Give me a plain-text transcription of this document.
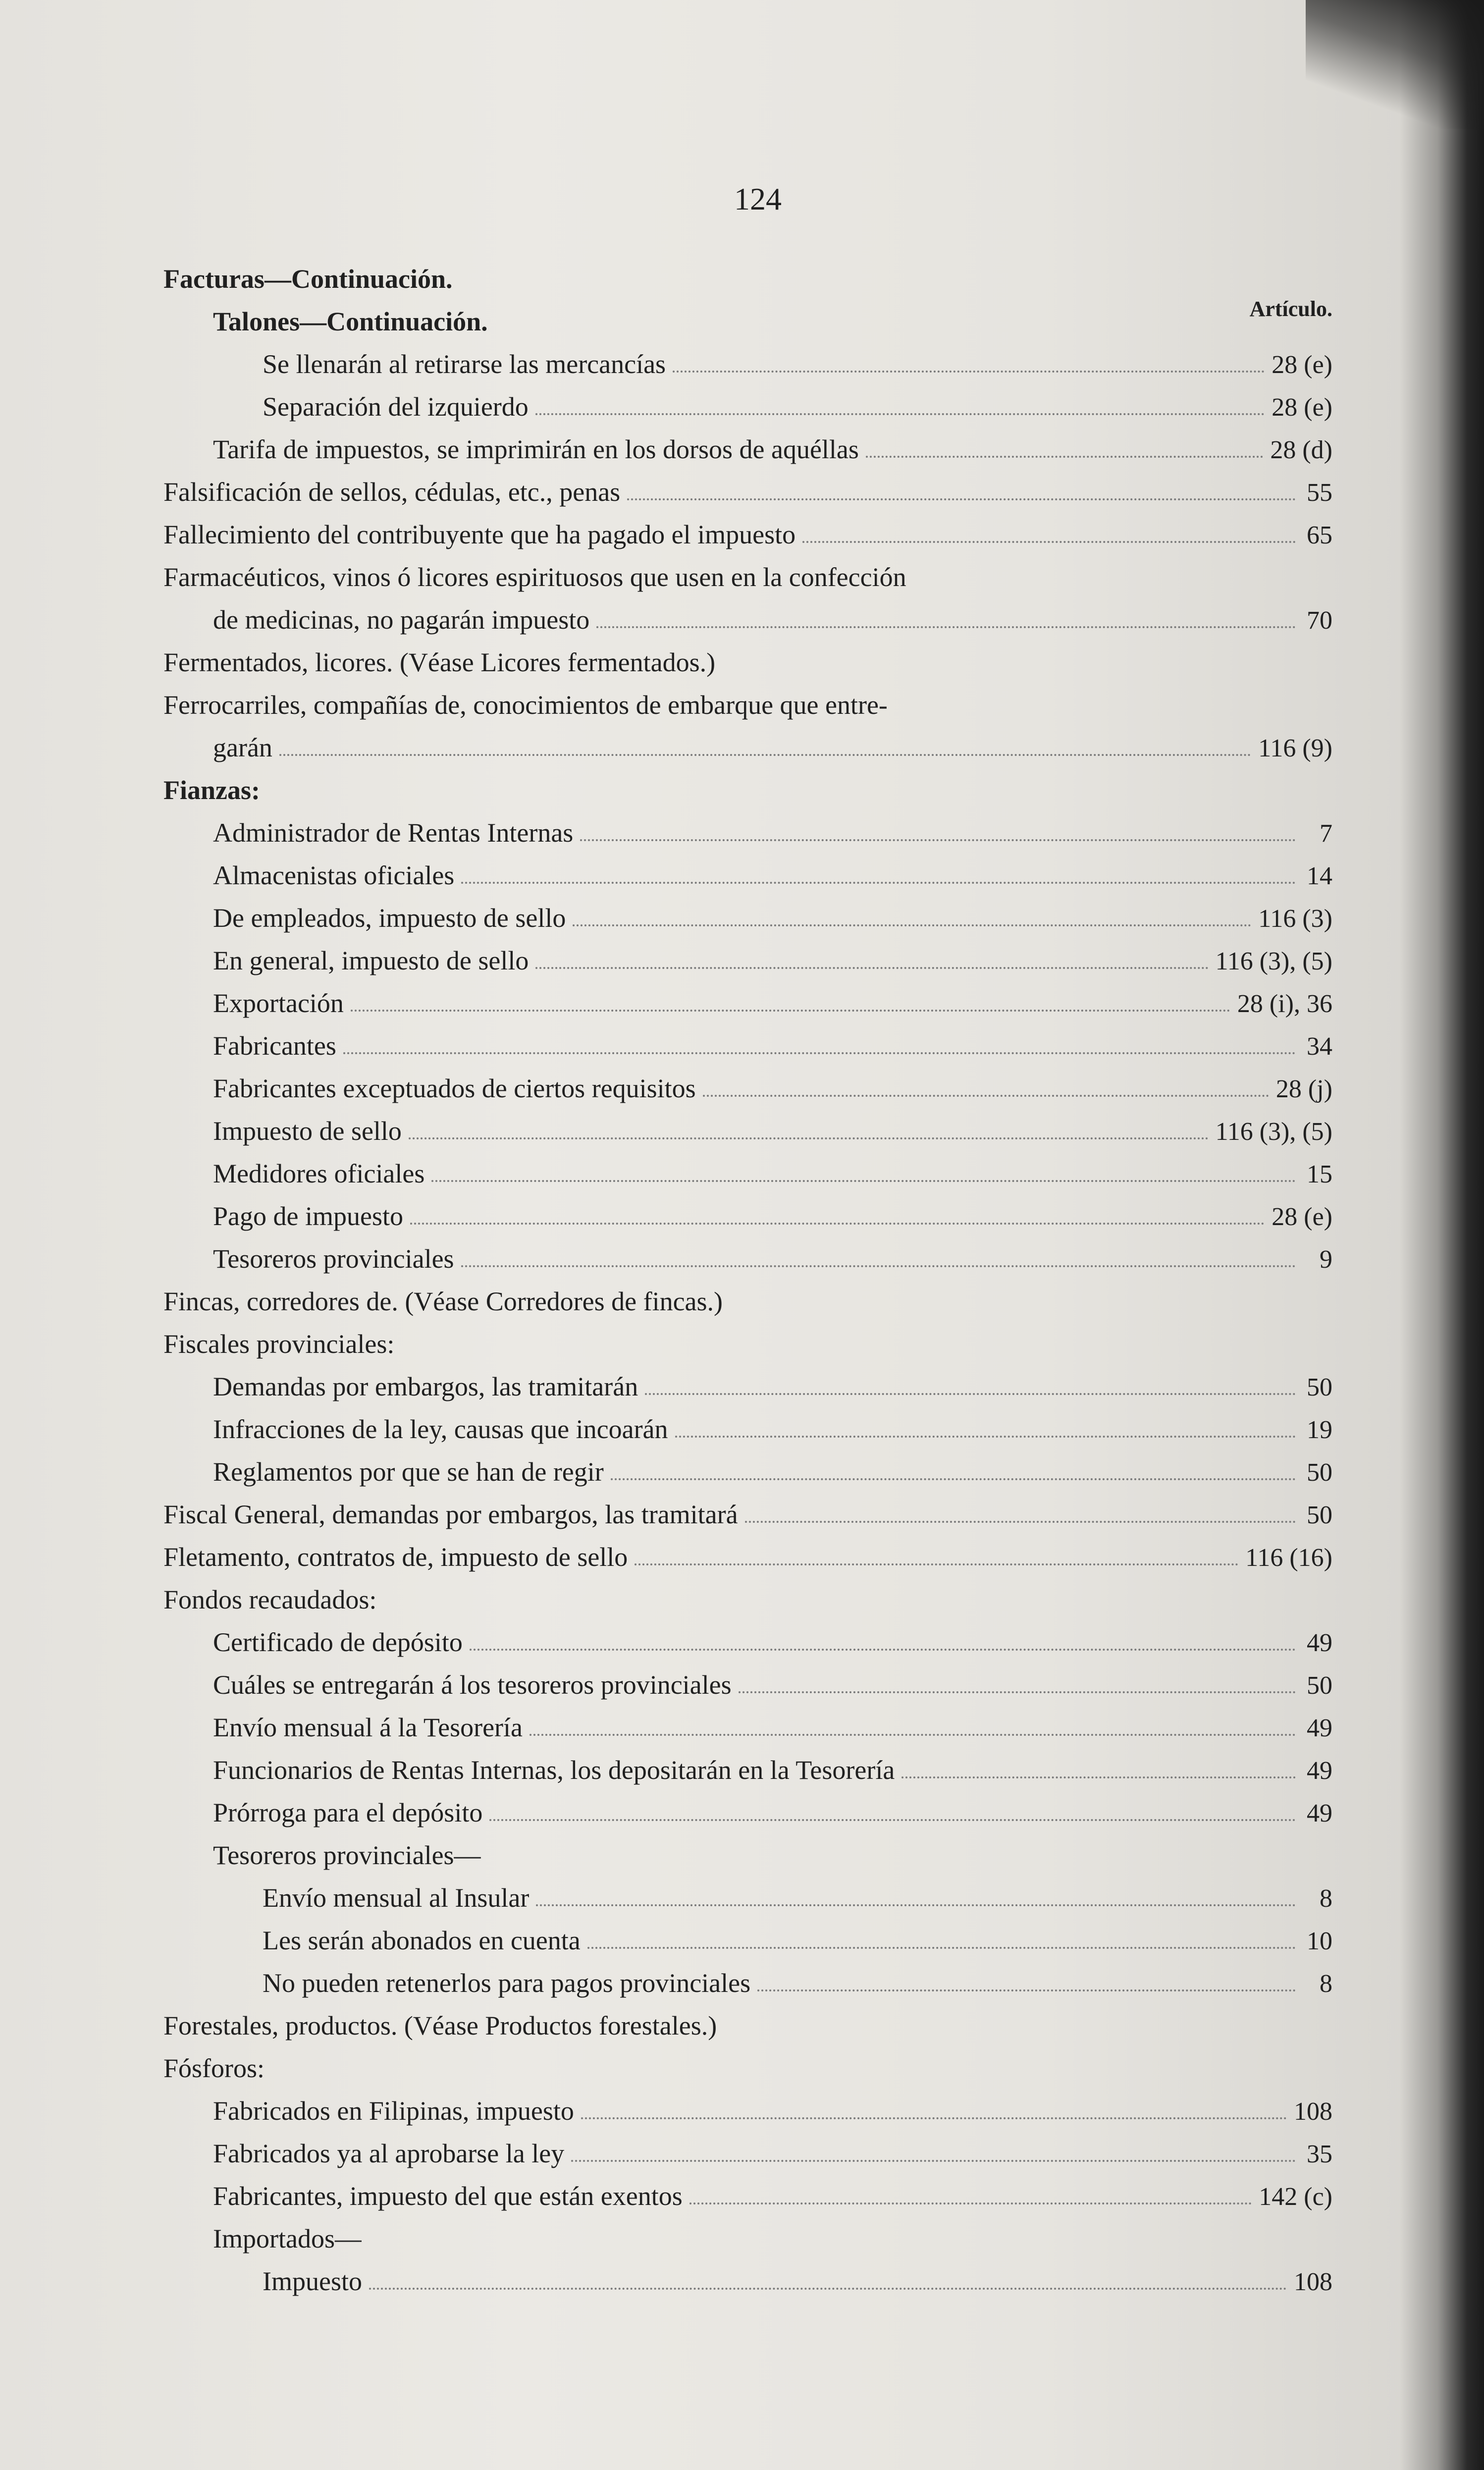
124
Artículo.
Facturas—Continuación.
Talones—Continuación.
Se llenarán al retirarse las mercancías	28 (e)
Separación del izquierdo	28 (e)
Tarifa de impuestos, se imprimirán en los dorsos de aquéllas	28 (d)
Falsificación de sellos, cédulas, etc., penas	55
Fallecimiento del contribuyente que ha pagado el impuesto	65
Farmacéuticos, vinos ó licores espirituosos que usen en la confección
de medicinas, no pagarán impuesto	70
Fermentados, licores. (Véase Licores fermentados.)
Ferrocarriles, compañías de, conocimientos de embarque que entre-
garán	116 (9)
Fianzas:
Administrador de Rentas Internas	7
Almacenistas oficiales	14
De empleados, impuesto de sello	116 (3)
En general, impuesto de sello	116 (3), (5)
Exportación	28 (i), 36
Fabricantes	34
Fabricantes exceptuados de ciertos requisitos	28 (j)
Impuesto de sello	116 (3), (5)
Medidores oficiales	15
Pago de impuesto	28 (e)
Tesoreros provinciales	9
Fincas, corredores de. (Véase Corredores de fincas.)
Fiscales provinciales:
Demandas por embargos, las tramitarán	50
Infracciones de la ley, causas que incoarán	19
Reglamentos por que se han de regir	50
Fiscal General, demandas por embargos, las tramitará	50
Fletamento, contratos de, impuesto de sello	116 (16)
Fondos recaudados:
Certificado de depósito	49
Cuáles se entregarán á los tesoreros provinciales	50
Envío mensual á la Tesorería	49
Funcionarios de Rentas Internas, los depositarán en la Tesorería	49
Prórroga para el depósito	49
Tesoreros provinciales—
Envío mensual al Insular	8
Les serán abonados en cuenta	10
No pueden retenerlos para pagos provinciales	8
Forestales, productos. (Véase Productos forestales.)
Fósforos:
Fabricados en Filipinas, impuesto	108
Fabricados ya al aprobarse la ley	35
Fabricantes, impuesto del que están exentos	142 (c)
Importados—
Impuesto	108
